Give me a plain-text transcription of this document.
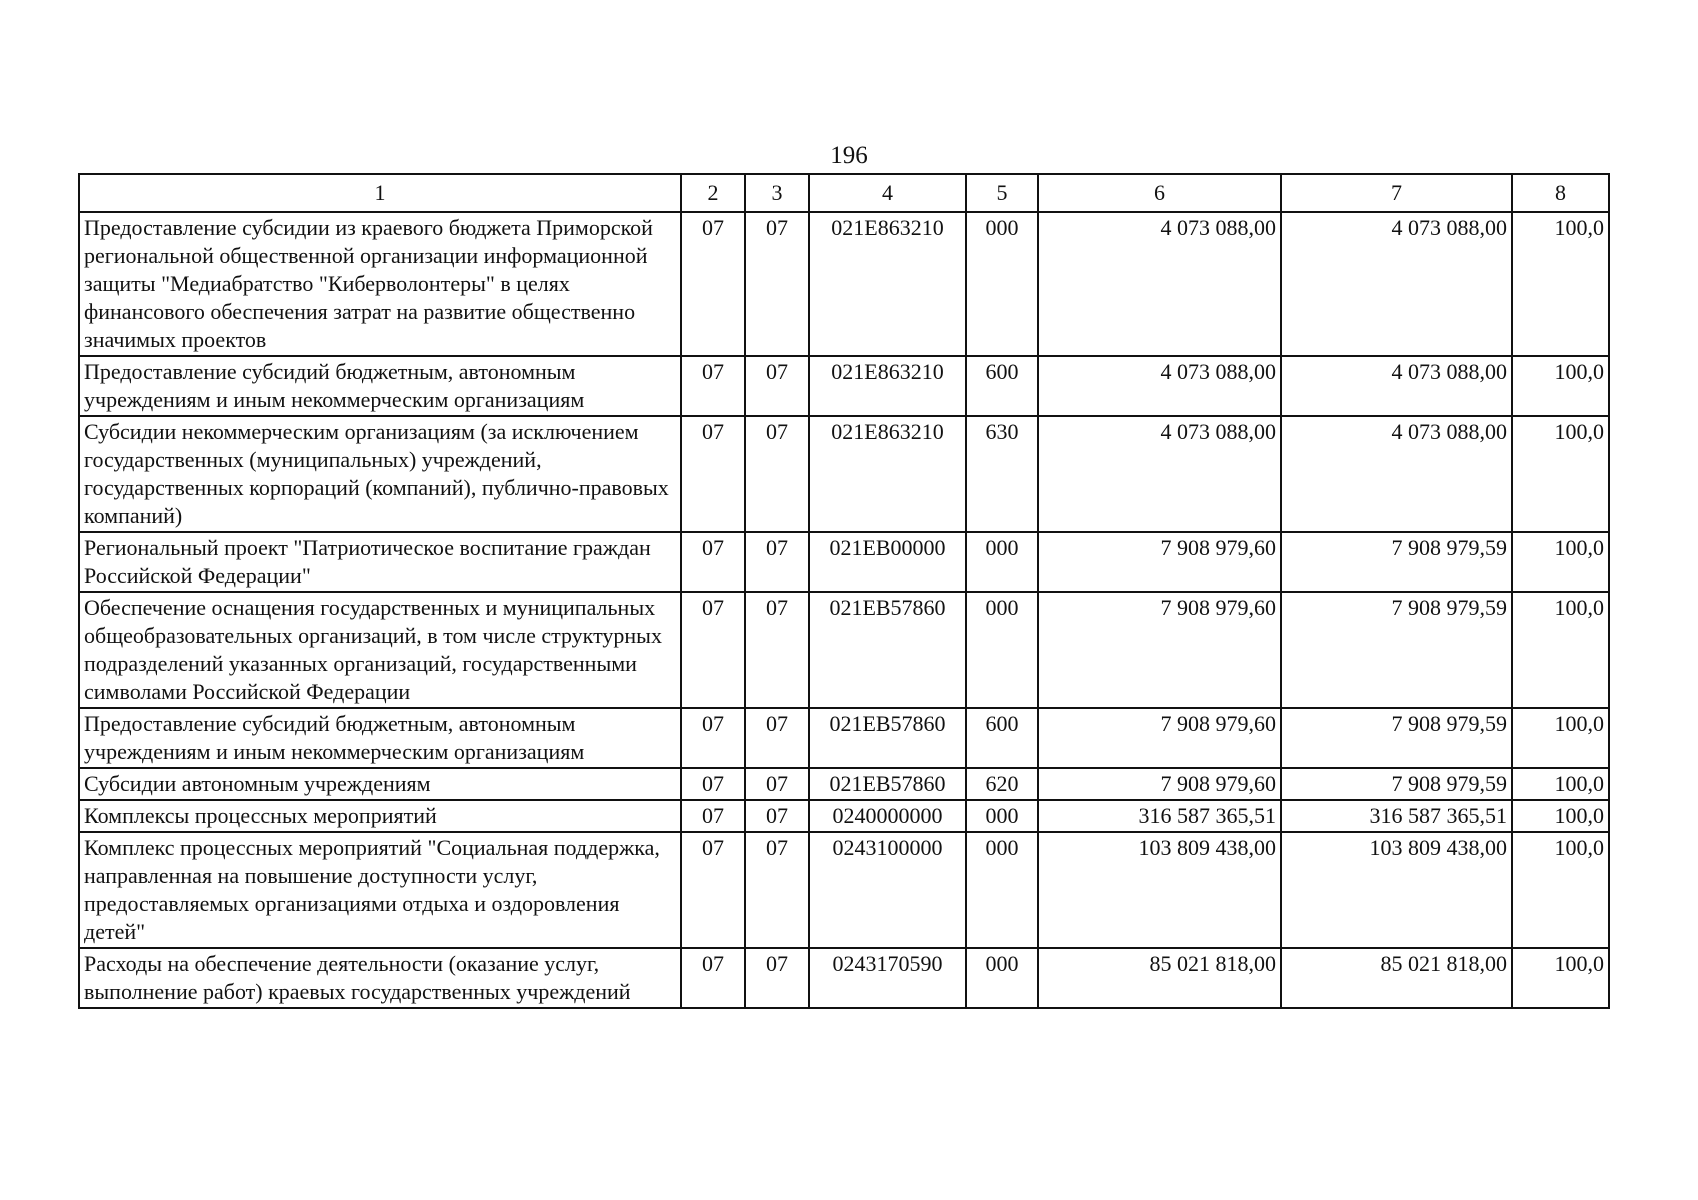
196
1	2	3	4	5	6	7	8
Предоставление субсидии из краевого бюджета Приморской региональной общественной организации информационной защиты "Медиабратство "Киберволонтеры" в целях финансового обеспечения затрат на развитие общественно значимых проектов	07	07	021E863210	000	4 073 088,00	4 073 088,00	100,0
Предоставление субсидий бюджетным, автономным учреждениям и иным некоммерческим организациям	07	07	021E863210	600	4 073 088,00	4 073 088,00	100,0
Субсидии некоммерческим организациям (за исключением государственных (муниципальных) учреждений, государственных корпораций (компаний), публично-правовых компаний)	07	07	021E863210	630	4 073 088,00	4 073 088,00	100,0
Региональный проект "Патриотическое воспитание граждан Российской Федерации"	07	07	021EB00000	000	7 908 979,60	7 908 979,59	100,0
Обеспечение оснащения государственных и муниципальных общеобразовательных организаций, в том числе структурных подразделений указанных организаций, государственными символами Российской Федерации	07	07	021EB57860	000	7 908 979,60	7 908 979,59	100,0
Предоставление субсидий бюджетным, автономным учреждениям и иным некоммерческим организациям	07	07	021EB57860	600	7 908 979,60	7 908 979,59	100,0
Субсидии автономным учреждениям	07	07	021EB57860	620	7 908 979,60	7 908 979,59	100,0
Комплексы процессных мероприятий	07	07	0240000000	000	316 587 365,51	316 587 365,51	100,0
Комплекс процессных мероприятий "Социальная поддержка, направленная на повышение доступности услуг, предоставляемых организациями отдыха и оздоровления детей"	07	07	0243100000	000	103 809 438,00	103 809 438,00	100,0
Расходы на обеспечение деятельности (оказание услуг, выполнение работ) краевых государственных учреждений	07	07	0243170590	000	85 021 818,00	85 021 818,00	100,0
